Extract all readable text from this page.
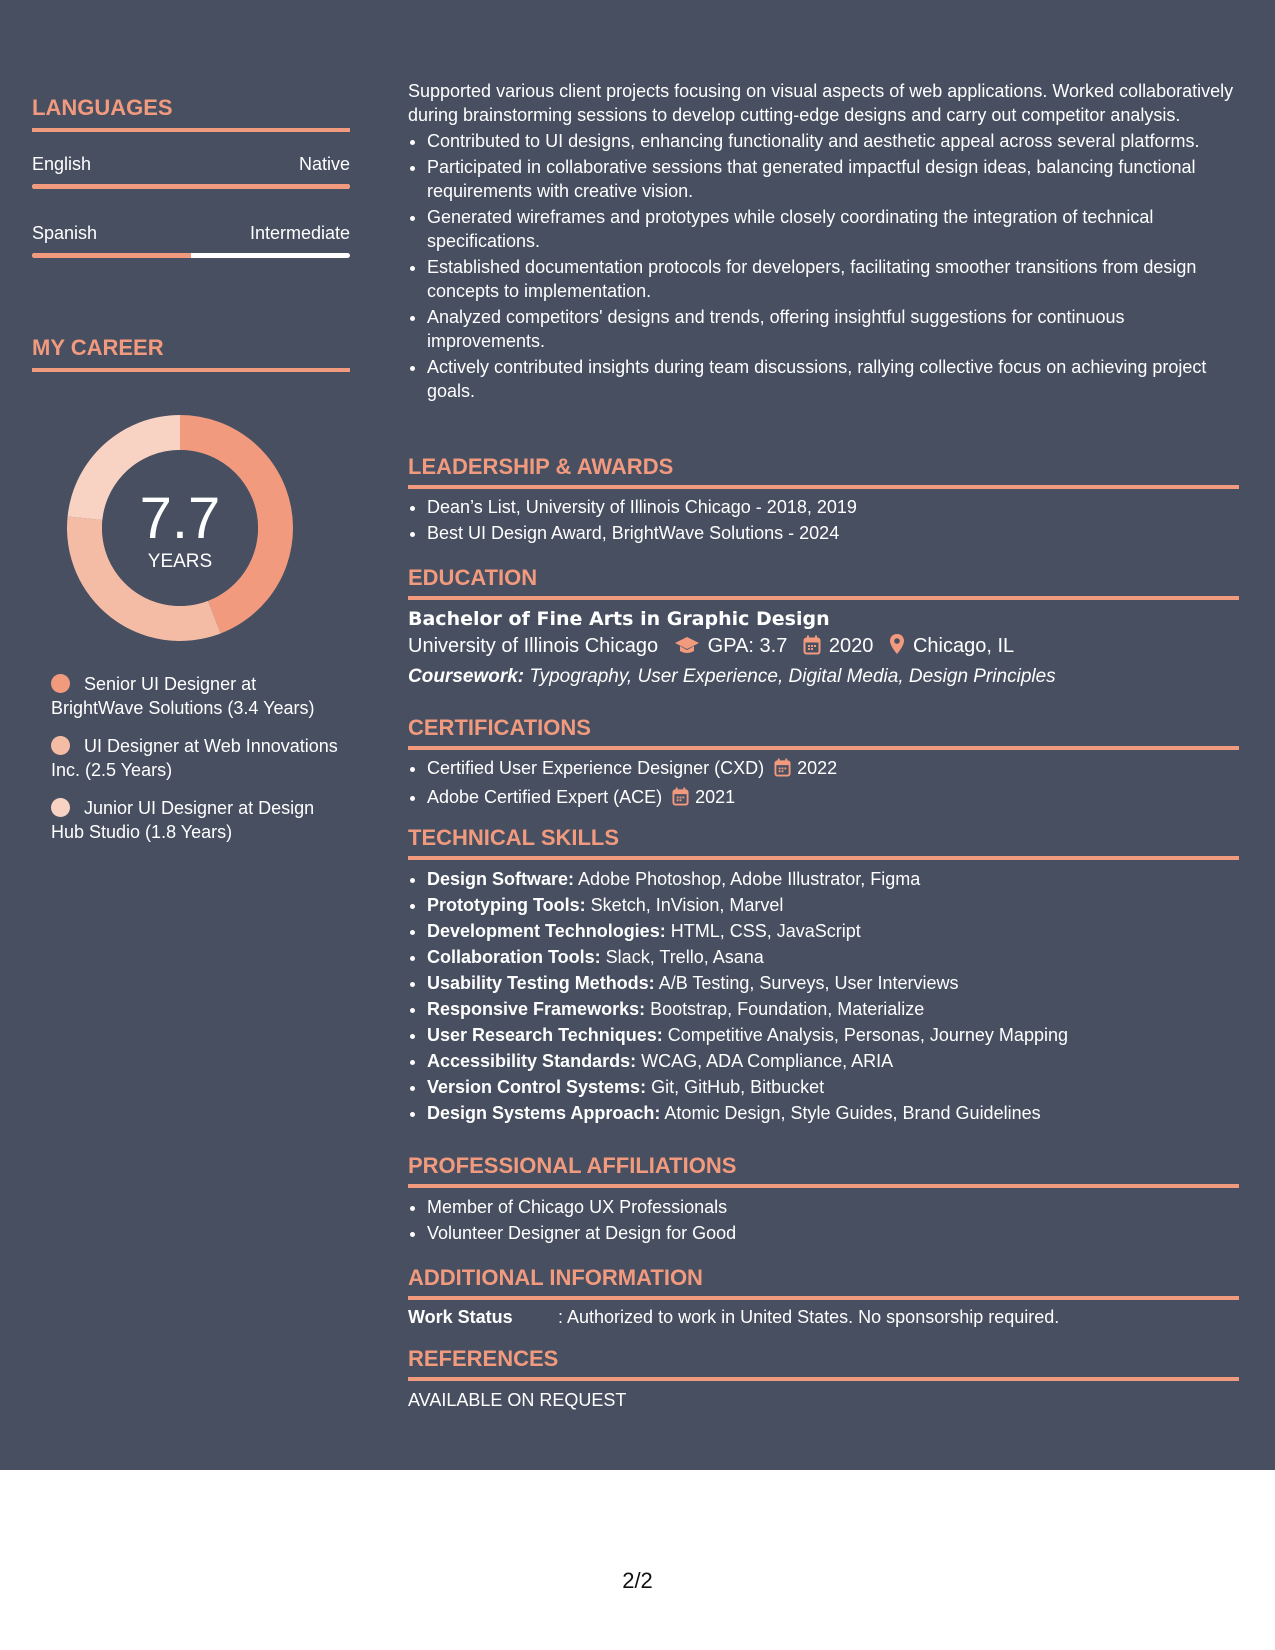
LANGUAGES
English	Native
Spanish	Intermediate
MY CAREER
7.7
YEARS
Senior UI Designer at BrightWave Solutions (3.4 Years)
UI Designer at Web Innovations Inc. (2.5 Years)
Junior UI Designer at Design Hub Studio (1.8 Years)
Supported various client projects focusing on visual aspects of web applications. Worked collaboratively during brainstorming sessions to develop cutting-edge designs and carry out competitor analysis.
• Contributed to UI designs, enhancing functionality and aesthetic appeal across several platforms.
• Participated in collaborative sessions that generated impactful design ideas, balancing functional requirements with creative vision.
• Generated wireframes and prototypes while closely coordinating the integration of technical specifications.
• Established documentation protocols for developers, facilitating smoother transitions from design concepts to implementation.
• Analyzed competitors' designs and trends, offering insightful suggestions for continuous improvements.
• Actively contributed insights during team discussions, rallying collective focus on achieving project goals.
LEADERSHIP & AWARDS
• Dean’s List, University of Illinois Chicago - 2018, 2019
• Best UI Design Award, BrightWave Solutions - 2024
EDUCATION
Bachelor of Fine Arts in Graphic Design
University of Illinois Chicago GPA: 3.7 2020 Chicago, IL
Coursework: Typography, User Experience, Digital Media, Design Principles
CERTIFICATIONS
• Certified User Experience Designer (CXD) 2022
• Adobe Certified Expert (ACE) 2021
TECHNICAL SKILLS
• Design Software: Adobe Photoshop, Adobe Illustrator, Figma
• Prototyping Tools: Sketch, InVision, Marvel
• Development Technologies: HTML, CSS, JavaScript
• Collaboration Tools: Slack, Trello, Asana
• Usability Testing Methods: A/B Testing, Surveys, User Interviews
• Responsive Frameworks: Bootstrap, Foundation, Materialize
• User Research Techniques: Competitive Analysis, Personas, Journey Mapping
• Accessibility Standards: WCAG, ADA Compliance, ARIA
• Version Control Systems: Git, GitHub, Bitbucket
• Design Systems Approach: Atomic Design, Style Guides, Brand Guidelines
PROFESSIONAL AFFILIATIONS
• Member of Chicago UX Professionals
• Volunteer Designer at Design for Good
ADDITIONAL INFORMATION
Work Status	: Authorized to work in United States. No sponsorship required.
REFERENCES
AVAILABLE ON REQUEST
2/2
